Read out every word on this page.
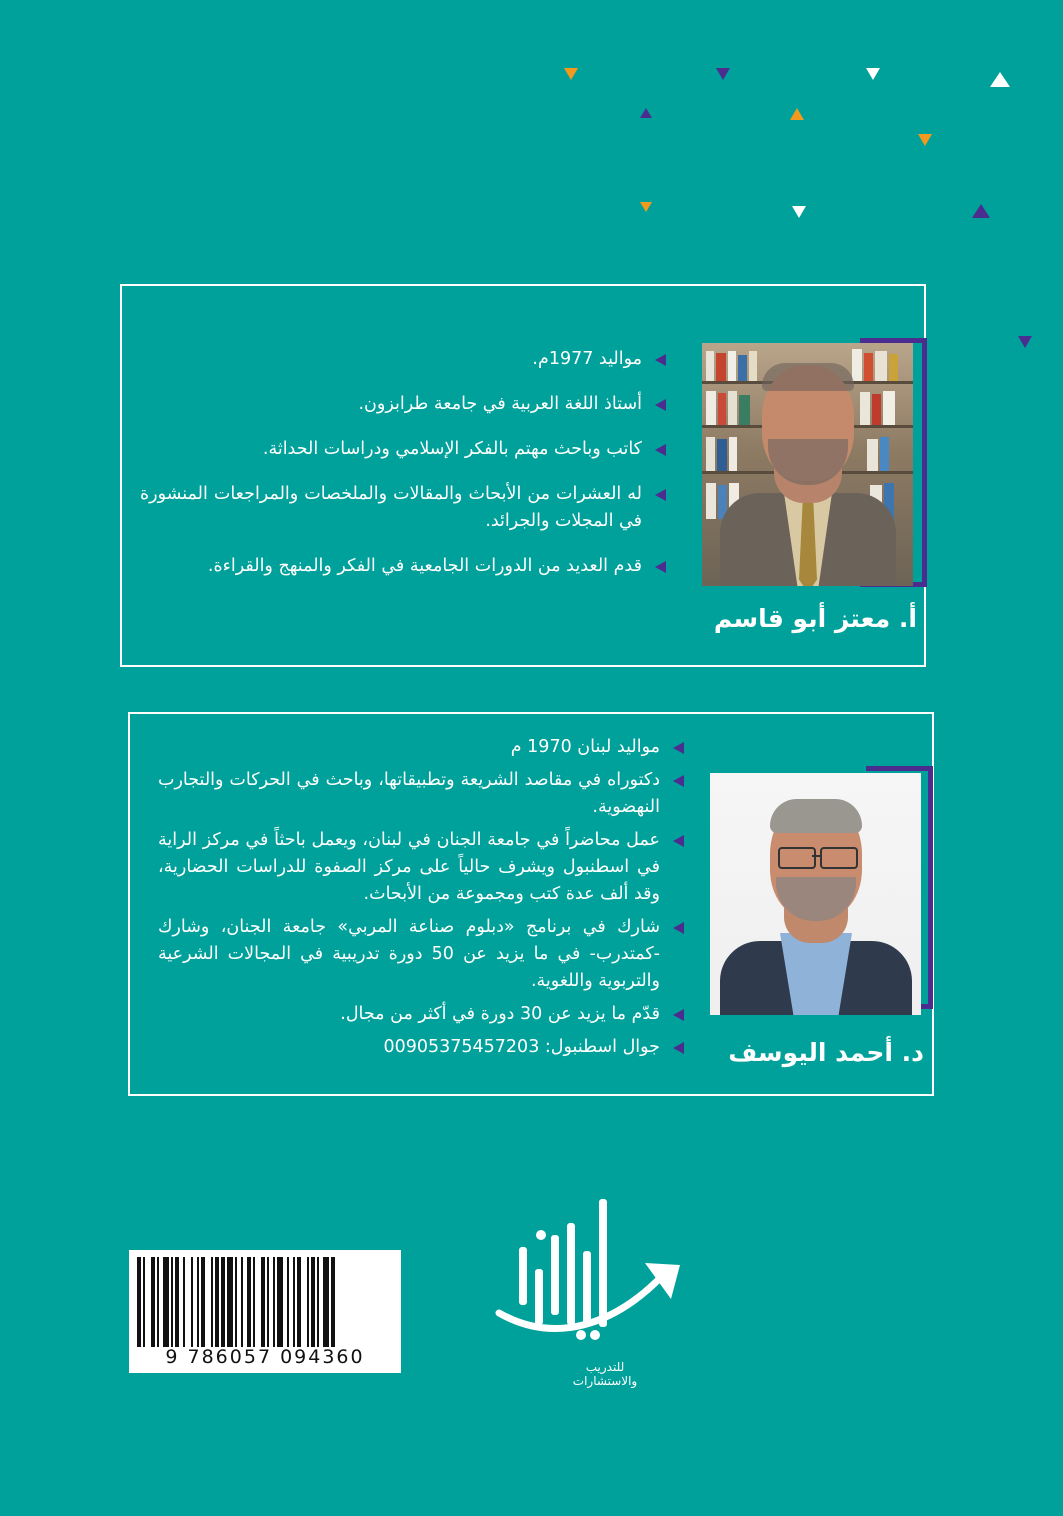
أ. معتز أبو قاسم
مواليد 1977م.
أستاذ اللغة العربية في جامعة طرابزون.
كاتب وباحث مهتم بالفكر الإسلامي ودراسات الحداثة.
له العشرات من الأبحاث والمقالات والملخصات والمراجعات المنشورة في المجلات والجرائد.
قدم العديد من الدورات الجامعية في الفكر والمنهج والقراءة.
د. أحمد اليوسف
مواليد لبنان 1970 م
دكتوراه في مقاصد الشريعة وتطبيقاتها، وباحث في الحركات والتجارب النهضوية.
عمل محاضراً في جامعة الجنان في لبنان، ويعمل باحثاً في مركز الراية في اسطنبول ويشرف حالياً على مركز الصفوة للدراسات الحضارية، وقد ألف عدة كتب ومجموعة من الأبحاث.
شارك في برنامج «دبلوم صناعة المربي» جامعة الجنان، وشارك -كمتدرب- في ما يزيد عن 50 دورة تدريبية في المجالات الشرعية والتربوية واللغوية.
قدّم ما يزيد عن 30 دورة في أكثر من مجال.
جوال اسطنبول: 00905375457203
9 786057 094360	للتدريب والاستشارات
